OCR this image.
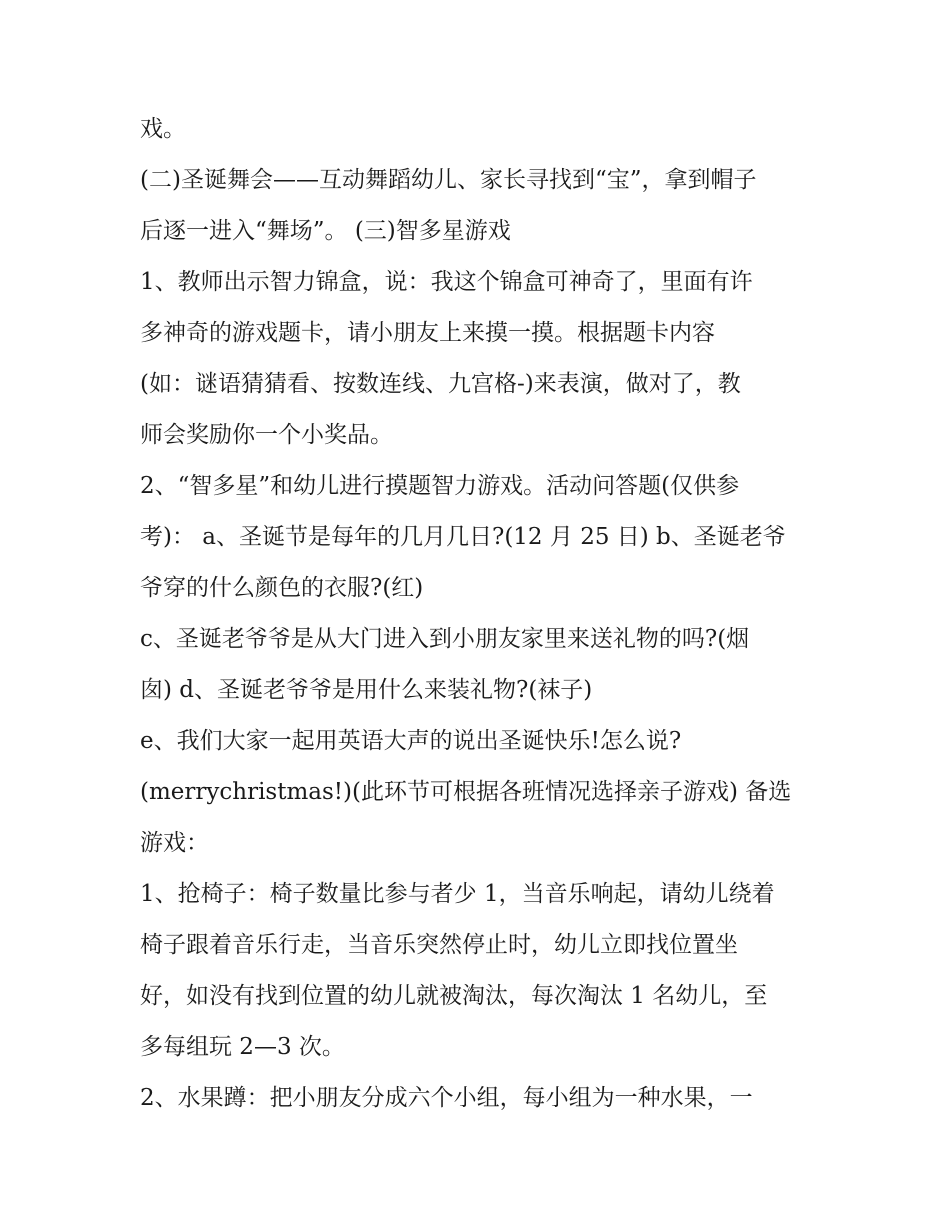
戏。
(二)圣诞舞会——互动舞蹈幼儿、家长寻找到“宝”，拿到帽子
后逐一进入“舞场”。 (三)智多星游戏
1、教师出示智力锦盒，说：我这个锦盒可神奇了，里面有许
多神奇的游戏题卡，请小朋友上来摸一摸。根据题卡内容
(如：谜语猜猜看、按数连线、九宫格-)来表演，做对了，教
师会奖励你一个小奖品。
2、“智多星”和幼儿进行摸题智力游戏。活动问答题(仅供参
考)： a、圣诞节是每年的几月几日?(12 月 25 日) b、圣诞老爷
爷穿的什么颜色的衣服?(红)
c、圣诞老爷爷是从大门进入到小朋友家里来送礼物的吗?(烟
囱) d、圣诞老爷爷是用什么来装礼物?(袜子)
e、我们大家一起用英语大声的说出圣诞快乐!怎么说?
(merrychristmas!)(此环节可根据各班情况选择亲子游戏) 备选
游戏：
1、抢椅子：椅子数量比参与者少 1，当音乐响起，请幼儿绕着
椅子跟着音乐行走，当音乐突然停止时，幼儿立即找位置坐
好，如没有找到位置的幼儿就被淘汰，每次淘汰 1 名幼儿，至
多每组玩 2—3 次。
2、水果蹲：把小朋友分成六个小组，每小组为一种水果，一
